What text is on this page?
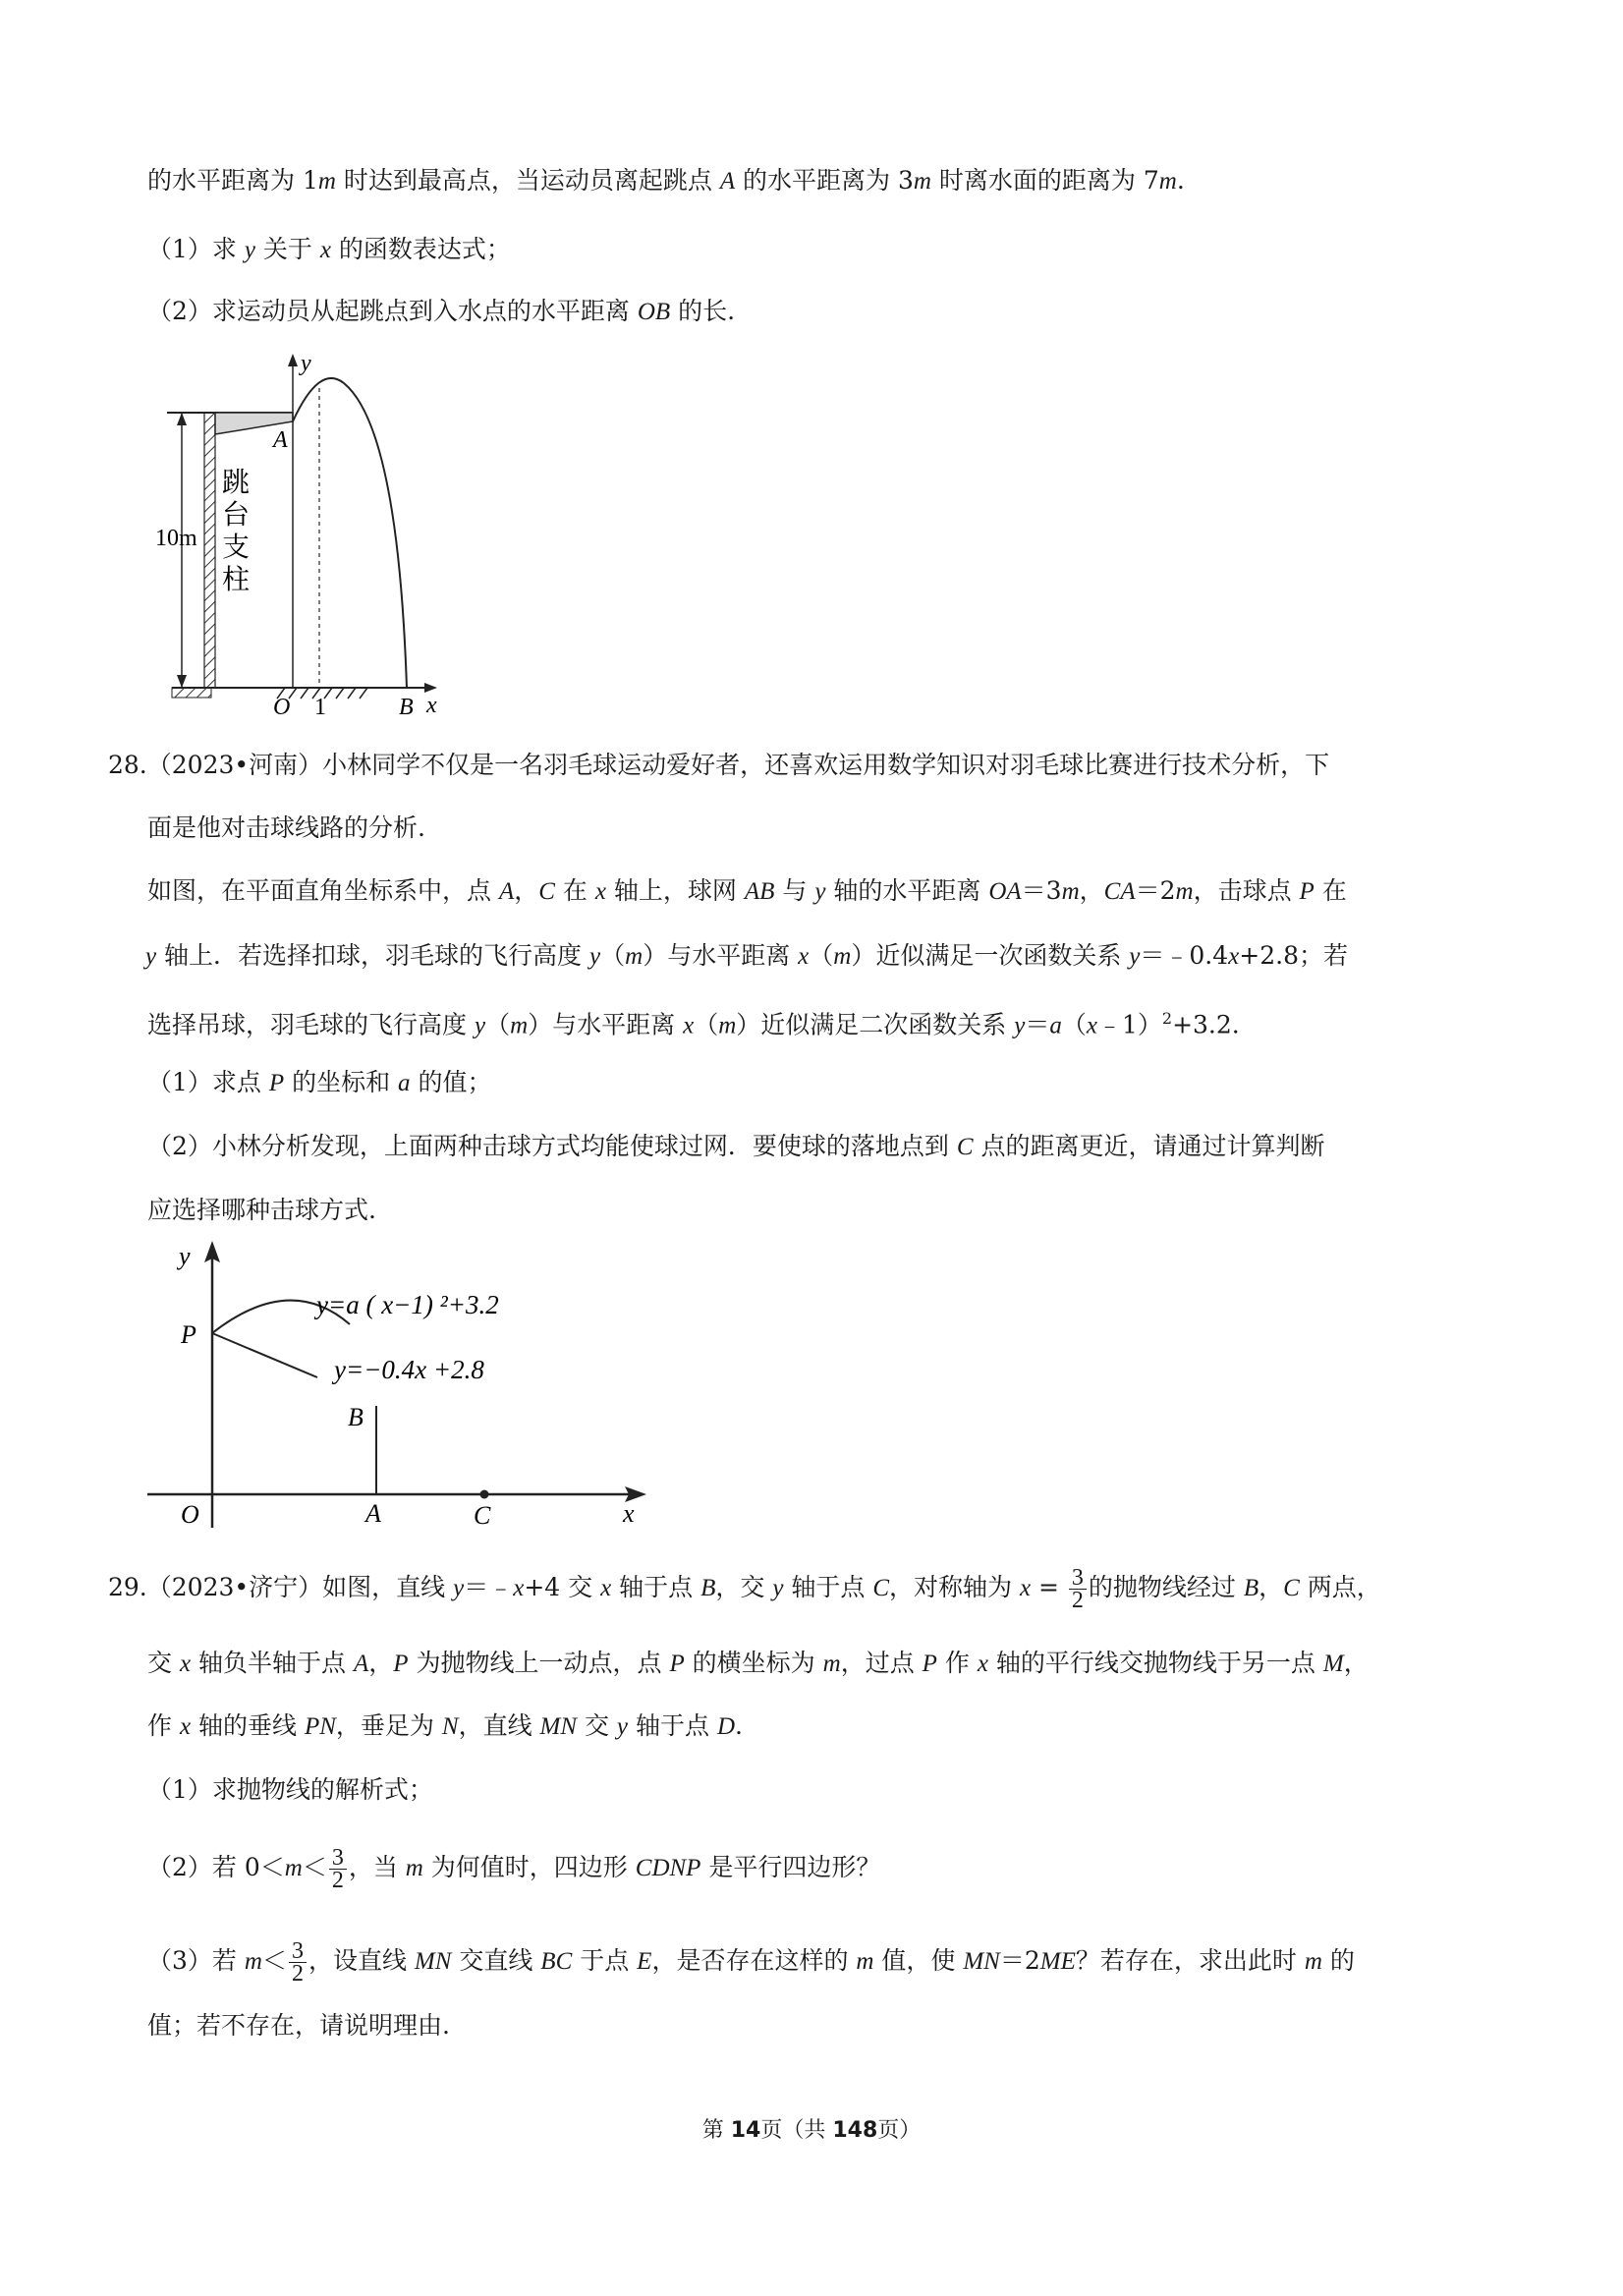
的水平距离为 1m 时达到最高点，当运动员离起跳点 A 的水平距离为 3m 时离水面的距离为 7m.
（1）求 y 关于 x 的函数表达式；
（2）求运动员从起跳点到入水点的水平距离 OB 的长.
y
A
10m
跳
台
支
柱
O 1	B x
28.（2023•河南）小林同学不仅是一名羽毛球运动爱好者，还喜欢运用数学知识对羽毛球比赛进行技术分析，下
面是他对击球线路的分析.
如图，在平面直角坐标系中，点 A，C 在 x 轴上，球网 AB 与 y 轴的水平距离 OA＝3m，CA＝2m，击球点 P 在
y 轴上．若选择扣球，羽毛球的飞行高度 y（m）与水平距离 x（m）近似满足一次函数关系 y＝﹣0.4x+2.8；若
选择吊球，羽毛球的飞行高度 y（m）与水平距离 x（m）近似满足二次函数关系 y＝a（x﹣1）$^2$+3.2.
（1）求点 P 的坐标和 a 的值；
（2）小林分析发现，上面两种击球方式均能使球过网．要使球的落地点到 C 点的距离更近，请通过计算判断
应选择哪种击球方式.
y
P
y=a ( x−1) ²+3.2
y=−0.4x +2.8
B
O	A	C	x
29.（2023•济宁）如图，直线 y＝﹣x+4 交 x 轴于点 B，交 y 轴于点 C，对称轴为 $x = \frac{3}{2}$ 的抛物线经过 B，C 两点，
交 x 轴负半轴于点 A，P 为抛物线上一动点，点 P 的横坐标为 m，过点 P 作 x 轴的平行线交抛物线于另一点 M，
作 x 轴的垂线 PN，垂足为 N，直线 MN 交 y 轴于点 D.
（1）求抛物线的解析式；
（2）若 $0<m< \frac{3}{2}$ ，当 m 为何值时，四边形 CDNP 是平行四边形？
（3）若 $m< \frac{3}{2}$ ，设直线 MN 交直线 BC 于点 E，是否存在这样的 m 值，使 MN＝2ME？若存在，求出此时 m 的
值；若不存在，请说明理由.
第 14页（共 148页）
